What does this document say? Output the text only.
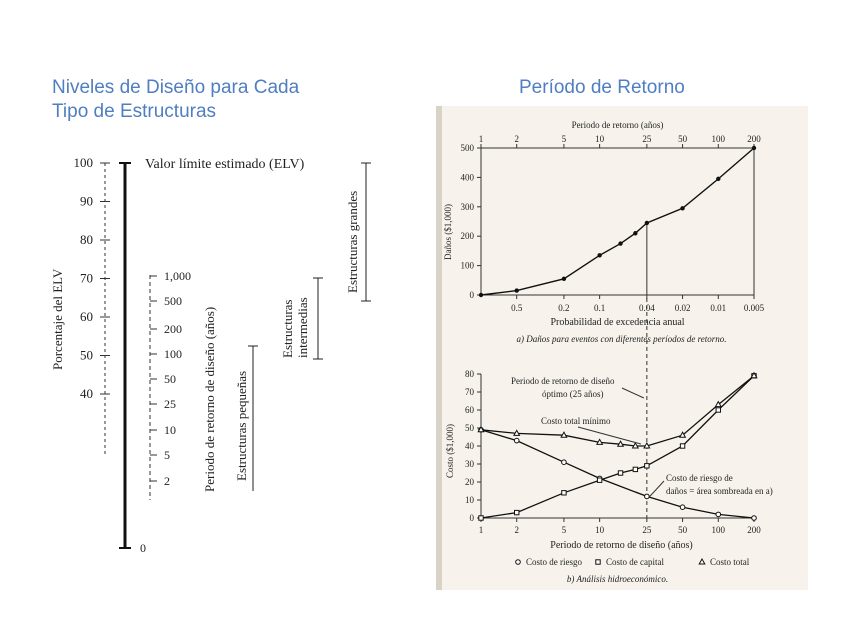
Niveles de Diseño para Cada
Tipo de Estructuras
Período de Retorno
Porcentaje del ELV
100
90
80
70
60
50
40
Valor límite estimado (ELV)
0
1,000
500
200
100
50
25
10
5
2 Periodo de retorno de diseño (años) Estructuras pequeñas
Estructuras intermedias
Estructuras grandes
Periodo de retorno (años)
1	2	5	10	25	50	100 200
0.5	0.2	0.1	0.04 0.02 0.01 0.005
Probabilidad de excedencia anual
0
100
200
300
400
500
Daños ($1,000)
a) Daños para eventos con diferentes períodos de retorno.
1	2	5	10	25	50	100 200
Periodo de retorno de diseño (años)
0
10
20
30
40
50
60
70
80
Costo ($1,000)
Periodo de retorno de diseño
óptimo (25 años)
Costo total mínimo
Costo de riesgo de
daños = área sombreada en a)
Costo de riesgo	Costo de capital	Costo total
b) Análisis hidroeconómico.
